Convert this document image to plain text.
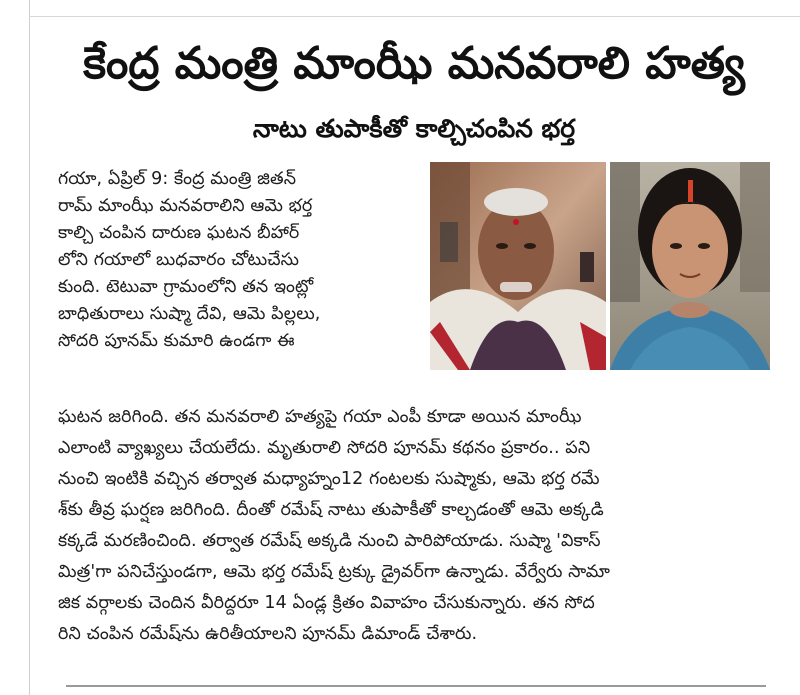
కేంద్ర మంత్రి మాంఝీ మనవరాలి హత్య
నాటు తుపాకీతో కాల్చిచంపిన భర్త
గయా, ఏప్రిల్ 9: కేంద్ర మంత్రి జితన్
రామ్ మాంఝీ మనవరాలిని ఆమె భర్త
కాల్చి చంపిన దారుణ ఘటన బీహార్
లోని గయాలో బుధవారం చోటుచేసు
కుంది. టెటువా గ్రామంలోని తన ఇంట్లో
బాధితురాలు సుష్మా దేవి, ఆమె పిల్లలు,
సోదరి పూనమ్ కుమారి ఉండగా ఈ
ఘటన జరిగింది. తన మనవరాలి హత్యపై గయా ఎంపీ కూడా అయిన మాంఝీ
ఎలాంటి వ్యాఖ్యలు చేయలేదు. మృతురాలి సోదరి పూనమ్ కథనం ప్రకారం.. పని
నుంచి ఇంటికి వచ్చిన తర్వాత మధ్యాహ్నం12 గంటలకు సుష్మాకు, ఆమె భర్త రమే
శ్‌కు తీవ్ర ఘర్షణ జరిగింది. దీంతో రమేష్ నాటు తుపాకీతో కాల్చడంతో ఆమె అక్కడి
కక్కడే మరణించింది. తర్వాత రమేష్ అక్కడి నుంచి పారిపోయాడు. సుష్మా 'వికాస్
మిత్ర'గా పనిచేస్తుండగా, ఆమె భర్త రమేష్ ట్రక్కు డ్రైవర్‌గా ఉన్నాడు. వేర్వేరు సామా
జిక వర్గాలకు చెందిన వీరిద్దరూ 14 ఏండ్ల క్రితం వివాహం చేసుకున్నారు. తన సోద
రిని చంపిన రమేష్‌ను ఉరితీయాలని పూనమ్ డిమాండ్ చేశారు.
